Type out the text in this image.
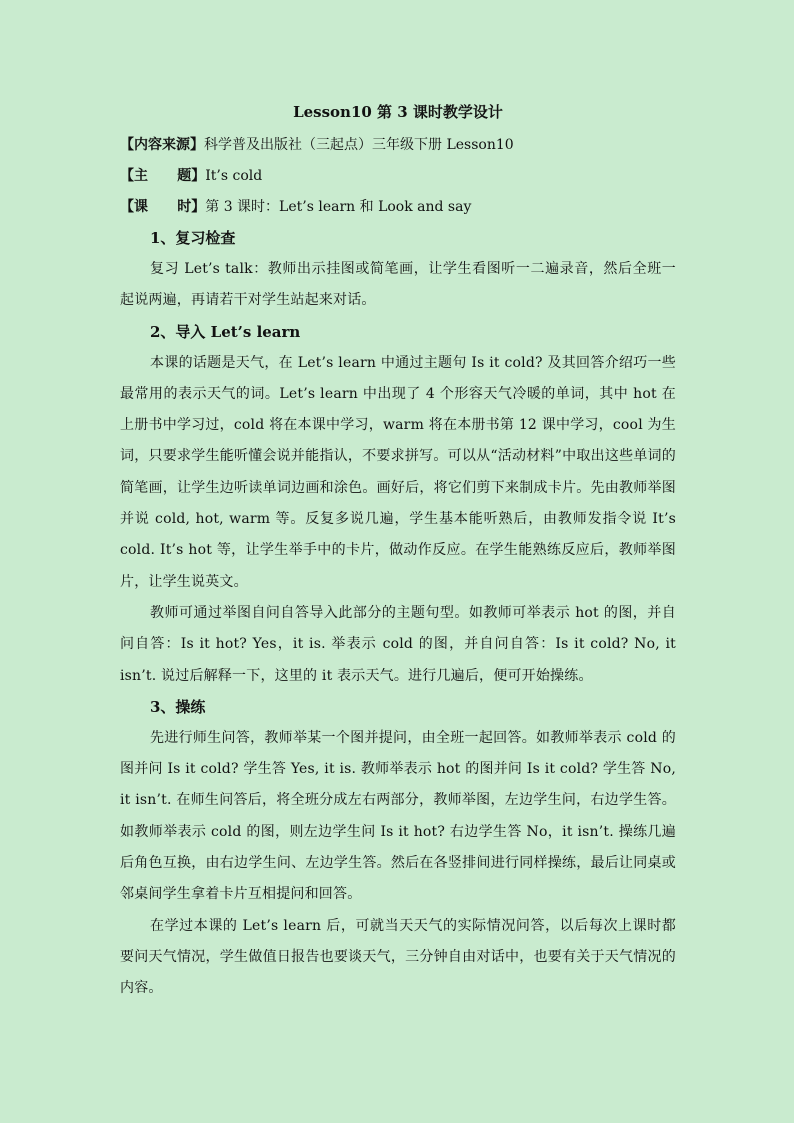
Lesson10 第 3 课时教学设计
【内容来源】科学普及出版社（三起点）三年级下册 Lesson10
【主      题】It’s cold
【课      时】第 3 课时：Let’s learn 和 Look and say
1、复习检查

复习 Let’s talk：教师出示挂图或简笔画，让学生看图听一二遍录音，然后全班一起说两遍，再请若干对学生站起来对话。

2、导入 Let’s learn

本课的话题是天气，在 Let’s learn 中通过主题句 Is it cold? 及其回答介绍巧一些最常用的表示天气的词。Let’s learn 中出现了 4 个形容天气冷暖的单词，其中 hot 在上册书中学习过，cold 将在本课中学习，warm 将在本册书第 12 课中学习，cool 为生词，只要求学生能听懂会说并能指认，不要求拼写。可以从“活动材料”中取出这些单词的简笔画，让学生边听读单词边画和涂色。画好后，将它们剪下来制成卡片。先由教师举图并说 cold, hot, warm 等。反复多说几遍，学生基本能听熟后，由教师发指令说 It’s cold. It’s hot 等，让学生举手中的卡片，做动作反应。在学生能熟练反应后，教师举图片，让学生说英文。

教师可通过举图自问自答导入此部分的主题句型。如教师可举表示 hot 的图，并自问自答：Is it hot? Yes，it is. 举表示 cold 的图，并自问自答：Is it cold? No, it isn’t. 说过后解释一下，这里的 it 表示天气。进行几遍后，便可开始操练。

3、操练

先进行师生问答，教师举某一个图并提问，由全班一起回答。如教师举表示 cold 的图并问 Is it cold? 学生答 Yes, it is. 教师举表示 hot 的图并问 Is it cold? 学生答 No, it isn’t. 在师生问答后，将全班分成左右两部分，教师举图，左边学生问，右边学生答。如教师举表示 cold 的图，则左边学生问 Is it hot? 右边学生答 No，it isn’t. 操练几遍后角色互换，由右边学生问、左边学生答。然后在各竖排间进行同样操练，最后让同桌或邻桌间学生拿着卡片互相提问和回答。

在学过本课的 Let’s learn 后，可就当天天气的实际情况问答，以后每次上课时都要问天气情况，学生做值日报告也要谈天气，三分钟自由对话中，也要有关于天气情况的内容。
